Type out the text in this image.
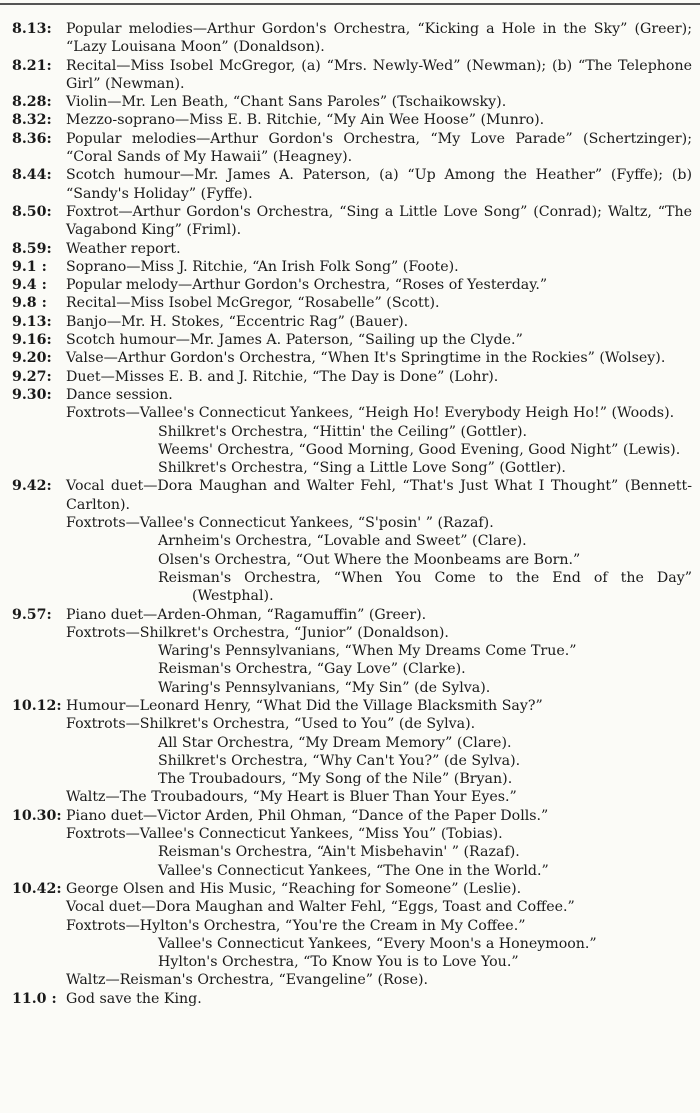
8.13: Popular melodies—Arthur Gordon's Orchestra, “Kicking a Hole in the Sky” (Greer); “Lazy Louisana Moon” (Donaldson).
8.21: Recital—Miss Isobel McGregor, (a) “Mrs. Newly-Wed” (Newman); (b) “The Telephone Girl” (Newman).
8.28: Violin—Mr. Len Beath, “Chant Sans Paroles” (Tschaikowsky).
8.32: Mezzo-soprano—Miss E. B. Ritchie, “My Ain Wee Hoose” (Munro).
8.36: Popular melodies—Arthur Gordon's Orchestra, “My Love Parade” (Schertzinger); “Coral Sands of My Hawaii” (Heagney).
8.44: Scotch humour—Mr. James A. Paterson, (a) “Up Among the Heather” (Fyffe); (b) “Sandy's Holiday” (Fyffe).
8.50: Foxtrot—Arthur Gordon's Orchestra, “Sing a Little Love Song” (Conrad); Waltz, “The Vagabond King” (Friml).
8.59: Weather report.
9.1 : Soprano—Miss J. Ritchie, “An Irish Folk Song” (Foote).
9.4 : Popular melody—Arthur Gordon's Orchestra, “Roses of Yesterday.”
9.8 : Recital—Miss Isobel McGregor, “Rosabelle” (Scott).
9.13: Banjo—Mr. H. Stokes, “Eccentric Rag” (Bauer).
9.16: Scotch humour—Mr. James A. Paterson, “Sailing up the Clyde.”
9.20: Valse—Arthur Gordon's Orchestra, “When It's Springtime in the Rockies” (Wolsey).
9.27: Duet—Misses E. B. and J. Ritchie, “The Day is Done” (Lohr).
9.30: Dance session.
Foxtrots—Vallee's Connecticut Yankees, “Heigh Ho! Everybody Heigh Ho!” (Woods).
Shilkret's Orchestra, “Hittin' the Ceiling” (Gottler).
Weems' Orchestra, “Good Morning, Good Evening, Good Night” (Lewis).
Shilkret's Orchestra, “Sing a Little Love Song” (Gottler).
9.42: Vocal duet—Dora Maughan and Walter Fehl, “That's Just What I Thought” (Bennett-Carlton).
Foxtrots—Vallee's Connecticut Yankees, “S'posin' ” (Razaf).
Arnheim's Orchestra, “Lovable and Sweet” (Clare).
Olsen's Orchestra, “Out Where the Moonbeams are Born.”
Reisman's Orchestra, “When You Come to the End of the Day” (Westphal).
9.57: Piano duet—Arden-Ohman, “Ragamuffin” (Greer).
Foxtrots—Shilkret's Orchestra, “Junior” (Donaldson).
Waring's Pennsylvanians, “When My Dreams Come True.”
Reisman's Orchestra, “Gay Love” (Clarke).
Waring's Pennsylvanians, “My Sin” (de Sylva).
10.12: Humour—Leonard Henry, “What Did the Village Blacksmith Say?”
Foxtrots—Shilkret's Orchestra, “Used to You” (de Sylva).
All Star Orchestra, “My Dream Memory” (Clare).
Shilkret's Orchestra, “Why Can't You?” (de Sylva).
The Troubadours, “My Song of the Nile” (Bryan).
Waltz—The Troubadours, “My Heart is Bluer Than Your Eyes.”
10.30: Piano duet—Victor Arden, Phil Ohman, “Dance of the Paper Dolls.”
Foxtrots—Vallee's Connecticut Yankees, “Miss You” (Tobias).
Reisman's Orchestra, “Ain't Misbehavin' ” (Razaf).
Vallee's Connecticut Yankees, “The One in the World.”
10.42: George Olsen and His Music, “Reaching for Someone” (Leslie).
Vocal duet—Dora Maughan and Walter Fehl, “Eggs, Toast and Coffee.”
Foxtrots—Hylton's Orchestra, “You're the Cream in My Coffee.”
Vallee's Connecticut Yankees, “Every Moon's a Honeymoon.”
Hylton's Orchestra, “To Know You is to Love You.”
Waltz—Reisman's Orchestra, “Evangeline” (Rose).
11.0 : God save the King.
